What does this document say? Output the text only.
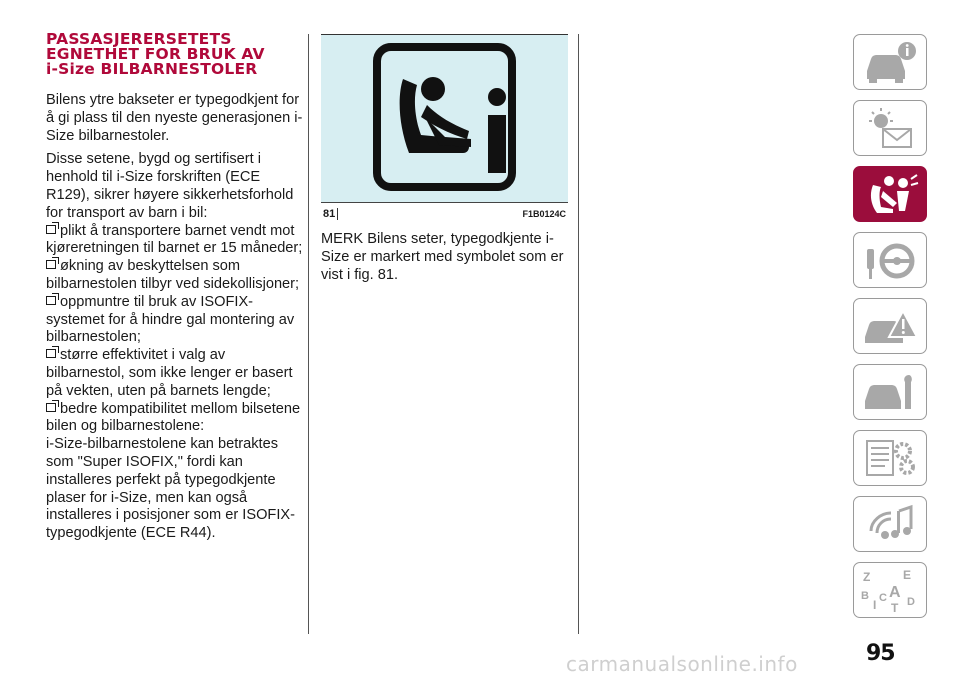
PASSASJERERSETETS
EGNETHET FOR BRUK AV
i-Size BILBARNESTOLER

Bilens ytre bakseter er typegodkjent for å gi plass til den nyeste generasjonen i-Size bilbarnestoler.

Disse setene, bygd og sertifisert i henhold til i-Size forskriften (ECE R129), sikrer høyere sikkerhetsforhold for transport av barn i bil:

plikt å transportere barnet vendt mot kjøreretningen til barnet er 15 måneder;

økning av beskyttelsen som bilbarnestolen tilbyr ved sidekollisjoner;

oppmuntre til bruk av ISOFIX-systemet for å hindre gal montering av bilbarnestolen;

større effektivitet i valg av bilbarnestol, som ikke lenger er basert på vekten, uten på barnets lengde;

bedre kompatibilitet mellom bilsetene bilen og bilbarnestolene:

i-Size-bilbarnestolene kan betraktes som "Super ISOFIX," fordi kan installeres perfekt på typegodkjente plaser for i-Size, men kan også installeres i posisjoner som er ISOFIX-typegodkjente (ECE R44).

81	F1B0124C

MERK Bilens seter, typegodkjente i-Size er markert med symbolet som er vist i fig. 81.

Z	E
B A
I C
T D
95
carmanualsonline.info
